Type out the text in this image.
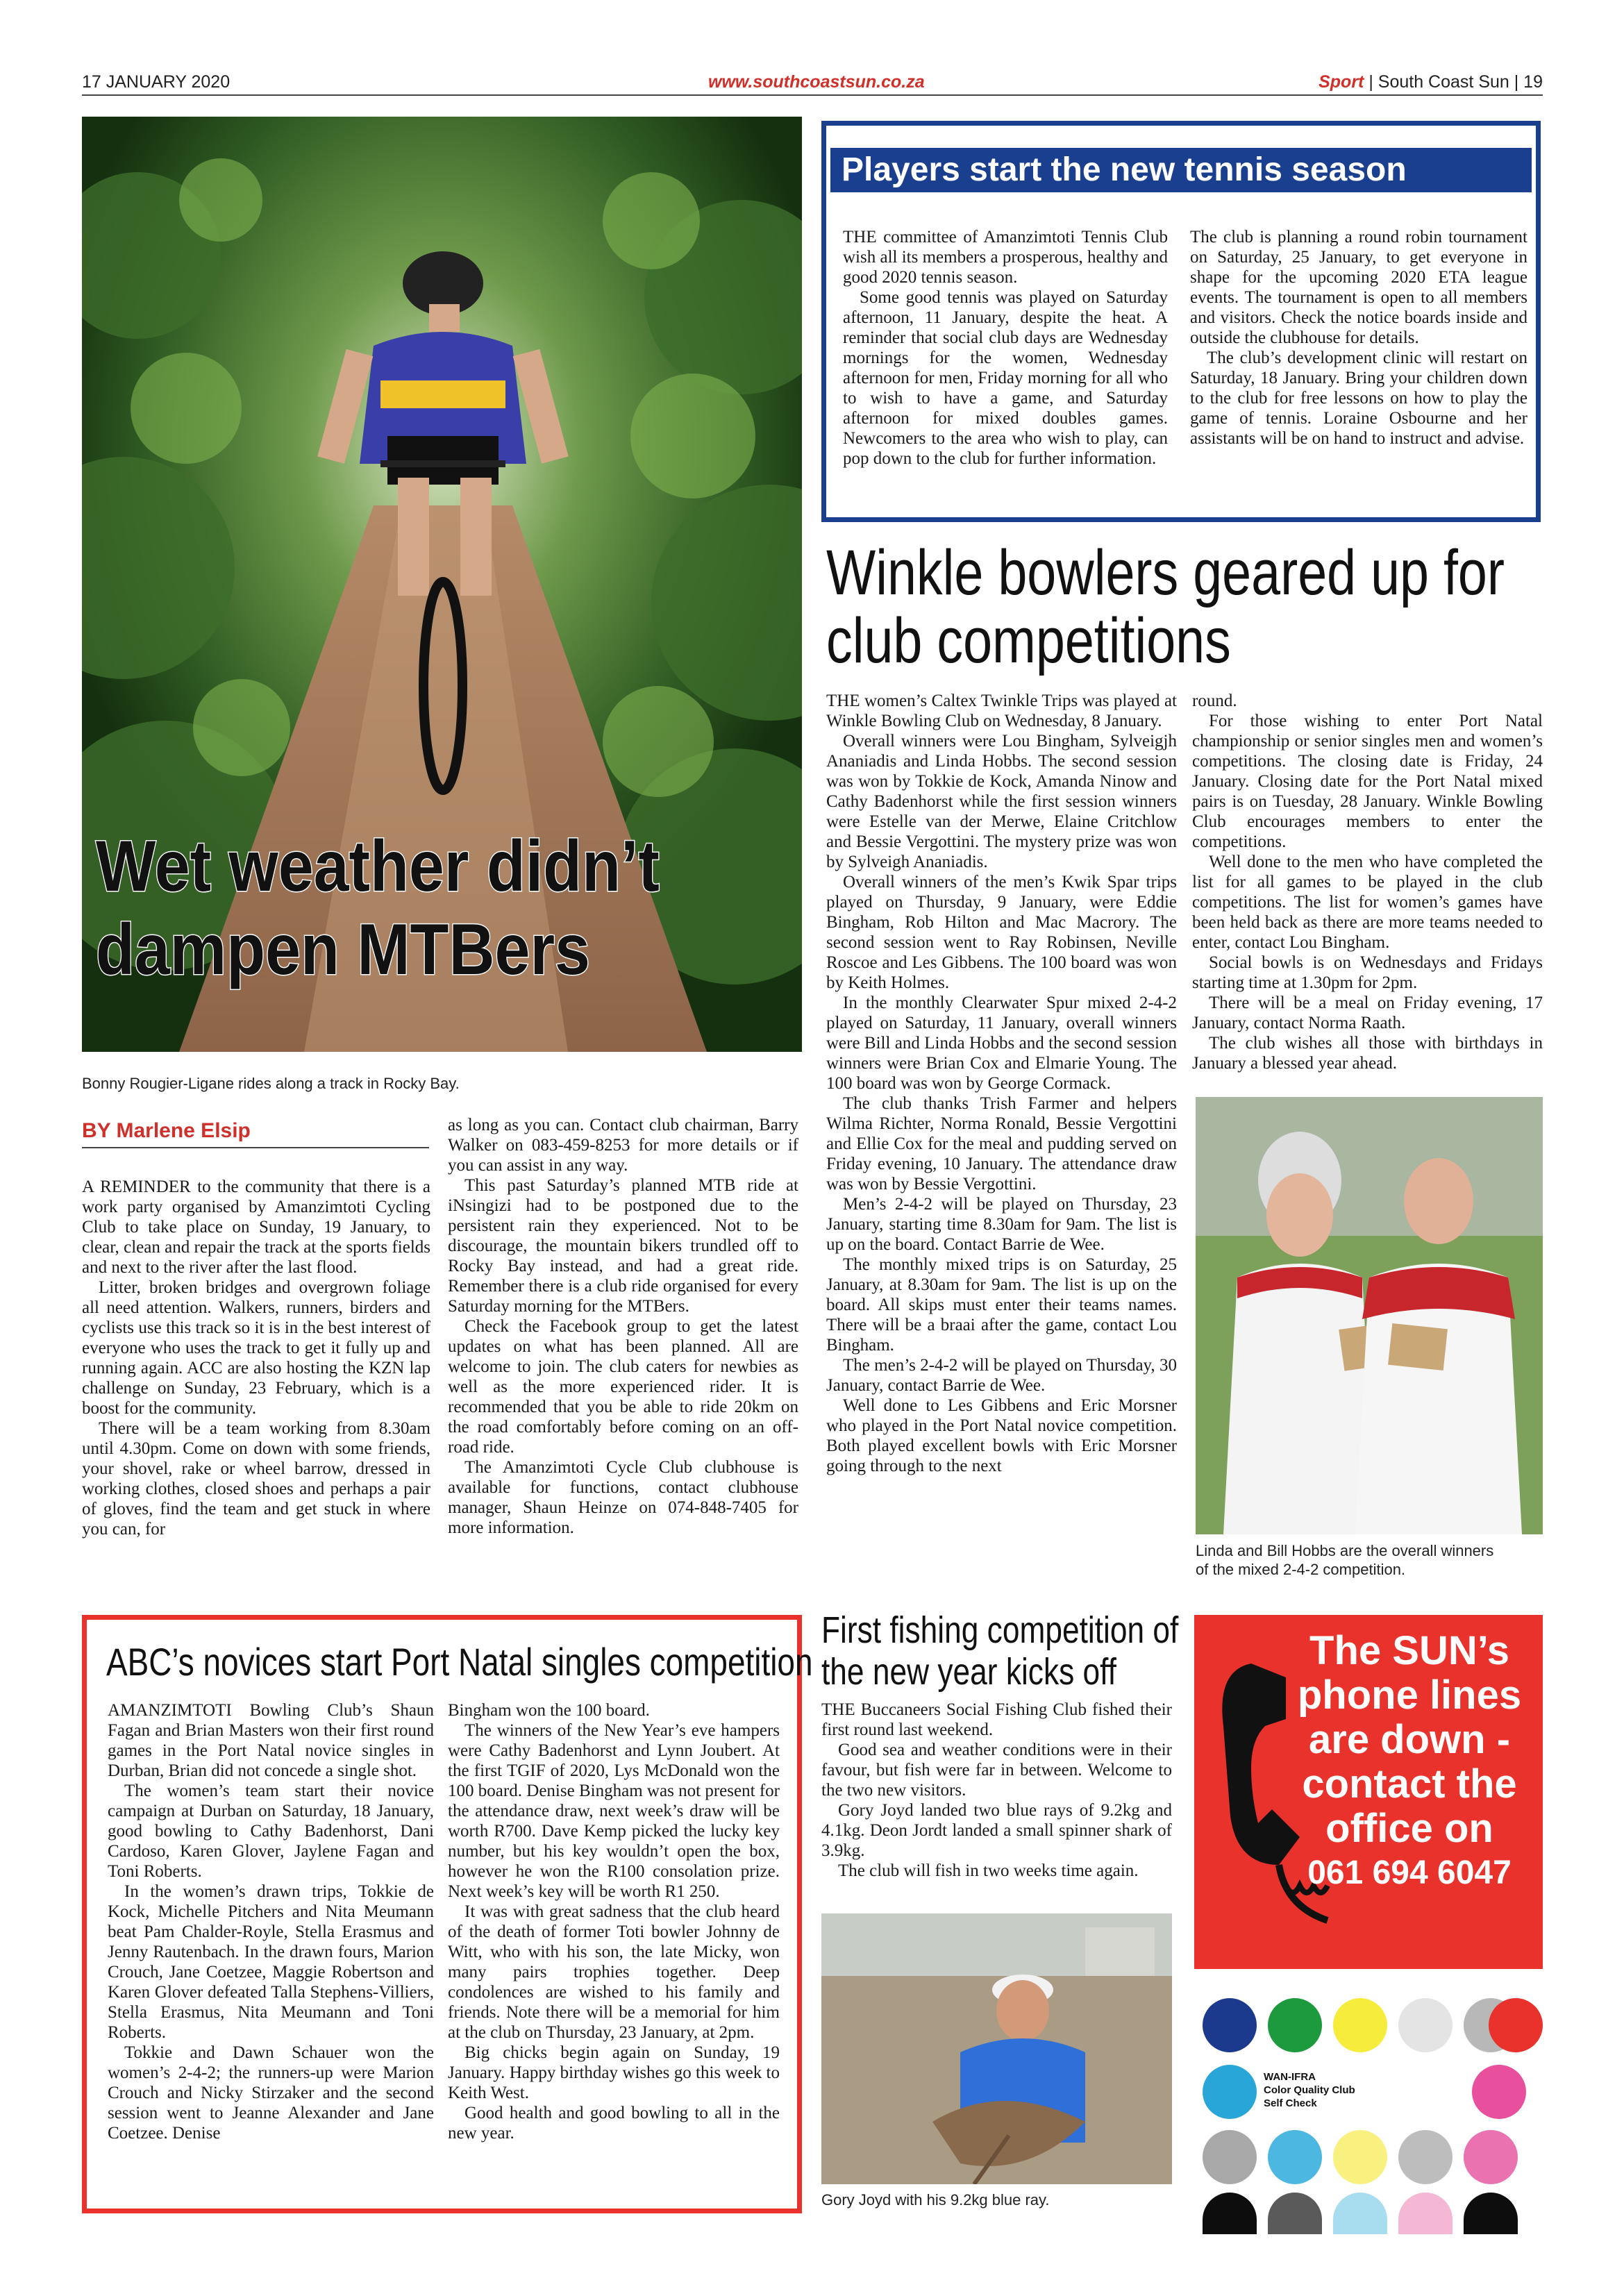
17 JANUARY 2020	www.southcoastsun.co.za	Sport | South Coast Sun | 19
Wet weather didn’t
dampen MTBers
Bonny Rougier-Ligane rides along a track in Rocky Bay.
BY Marlene Elsip

A REMINDER to the community that there is a work party organised by Amanzimtoti Cycling Club to take place on Sunday, 19 January, to clear, clean and repair the track at the sports fields and next to the river after the last flood.

Litter, broken bridges and overgrown foliage all need attention. Walkers, runners, birders and cyclists use this track so it is in the best interest of everyone who uses the track to get it fully up and running again. ACC are also hosting the KZN lap challenge on Sunday, 23 February, which is a boost for the community.

There will be a team working from 8.30am until 4.30pm. Come on down with some friends, your shovel, rake or wheel barrow, dressed in working clothes, closed shoes and perhaps a pair of gloves, find the team and get stuck in where you can, for

as long as you can. Contact club chairman, Barry Walker on 083-459-8253 for more details or if you can assist in any way.

This past Saturday’s planned MTB ride at iNsingizi had to be postponed due to the persistent rain they experienced. Not to be discourage, the mountain bikers trundled off to Rocky Bay instead, and had a great ride. Remember there is a club ride organised for every Saturday morning for the MTBers.

Check the Facebook group to get the latest updates on what has been planned. All are welcome to join. The club caters for newbies as well as the more experienced rider. It is recommended that you be able to ride 20km on the road comfortably before coming on an off-road ride.

The Amanzimtoti Cycle Club clubhouse is available for functions, contact clubhouse manager, Shaun Heinze on 074-848-7405 for more information.

Players start the new tennis season

THE committee of Amanzimtoti Tennis Club wish all its members a prosperous, healthy and good 2020 tennis season.

Some good tennis was played on Saturday afternoon, 11 January, despite the heat. A reminder that social club days are Wednesday mornings for the women, Wednesday afternoon for men, Friday morning for all who to wish to have a game, and Saturday afternoon for mixed doubles games. Newcomers to the area who wish to play, can pop down to the club for further information.

The club is planning a round robin tournament on Saturday, 25 January, to get everyone in shape for the upcoming 2020 ETA league events. The tournament is open to all members and visitors. Check the notice boards inside and outside the clubhouse for details.

The club’s development clinic will restart on Saturday, 18 January. Bring your children down to the club for free lessons on how to play the game of tennis. Loraine Osbourne and her assistants will be on hand to instruct and advise.

Winkle bowlers geared up for
club competitions

THE women’s Caltex Twinkle Trips was played at Winkle Bowling Club on Wednesday, 8 January.

Overall winners were Lou Bingham, Sylveigjh Ananiadis and Linda Hobbs. The second session was won by Tokkie de Kock, Amanda Ninow and Cathy Badenhorst while the first session winners were Estelle van der Merwe, Elaine Critchlow and Bessie Vergottini. The mystery prize was won by Sylveigh Ananiadis.

Overall winners of the men’s Kwik Spar trips played on Thursday, 9 January, were Eddie Bingham, Rob Hilton and Mac Macrory. The second session went to Ray Robinsen, Neville Roscoe and Les Gibbens. The 100 board was won by Keith Holmes.

In the monthly Clearwater Spur mixed 2-4-2 played on Saturday, 11 January, overall winners were Bill and Linda Hobbs and the second session winners were Brian Cox and Elmarie Young. The 100 board was won by George Cormack.

The club thanks Trish Farmer and helpers Wilma Richter, Norma Ronald, Bessie Vergottini and Ellie Cox for the meal and pudding served on Friday evening, 10 January. The attendance draw was won by Bessie Vergottini.

Men’s 2-4-2 will be played on Thursday, 23 January, starting time 8.30am for 9am. The list is up on the board. Contact Barrie de Wee.

The monthly mixed trips is on Saturday, 25 January, at 8.30am for 9am. The list is up on the board. All skips must enter their teams names. There will be a braai after the game, contact Lou Bingham.

The men’s 2-4-2 will be played on Thursday, 30 January, contact Barrie de Wee.

Well done to Les Gibbens and Eric Morsner who played in the Port Natal novice competition. Both played excellent bowls with Eric Morsner going through to the next

round.

For those wishing to enter Port Natal championship or senior singles men and women’s competitions. The closing date is Friday, 24 January. Closing date for the Port Natal mixed pairs is on Tuesday, 28 January. Winkle Bowling Club encourages members to enter the competitions.

Well done to the men who have completed the list for all games to be played in the club competitions. The list for women’s games have been held back as there are more teams needed to enter, contact Lou Bingham.

Social bowls is on Wednesdays and Fridays starting time at 1.30pm for 2pm.

There will be a meal on Friday evening, 17 January, contact Norma Raath.

The club wishes all those with birthdays in January a blessed year ahead.

Linda and Bill Hobbs are the overall winners
of the mixed 2-4-2 competition.
ABC’s novices start Port Natal singles competition

AMANZIMTOTI Bowling Club’s Shaun Fagan and Brian Masters won their first round games in the Port Natal novice singles in Durban, Brian did not concede a single shot.

The women’s team start their novice campaign at Durban on Saturday, 18 January, good bowling to Cathy Badenhorst, Dani Cardoso, Karen Glover, Jaylene Fagan and Toni Roberts.

In the women’s drawn trips, Tokkie de Kock, Michelle Pitchers and Nita Meumann beat Pam Chalder-Royle, Stella Erasmus and Jenny Rautenbach. In the drawn fours, Marion Crouch, Jane Coetzee, Maggie Robertson and Karen Glover defeated Talla Stephens-Villiers, Stella Erasmus, Nita Meumann and Toni Roberts.

Tokkie and Dawn Schauer won the women’s 2-4-2; the runners-up were Marion Crouch and Nicky Stirzaker and the second session went to Jeanne Alexander and Jane Coetzee. Denise

Bingham won the 100 board.

The winners of the New Year’s eve hampers were Cathy Badenhorst and Lynn Joubert. At the first TGIF of 2020, Lys McDonald won the 100 board. Denise Bingham was not present for the attendance draw, next week’s draw will be worth R700. Dave Kemp picked the lucky key number, but his key wouldn’t open the box, however he won the R100 consolation prize. Next week’s key will be worth R1 250.

It was with great sadness that the club heard of the death of former Toti bowler Johnny de Witt, who with his son, the late Micky, won many pairs trophies together. Deep condolences are wished to his family and friends. Note there will be a memorial for him at the club on Thursday, 23 January, at 2pm.

Big chicks begin again on Sunday, 19 January. Happy birthday wishes go this week to Keith West.

Good health and good bowling to all in the new year.

First fishing competition of
the new year kicks off

THE Buccaneers Social Fishing Club fished their first round last weekend.

Good sea and weather conditions were in their favour, but fish were far in between. Welcome to the two new visitors.

Gory Joyd landed two blue rays of 9.2kg and 4.1kg. Deon Jordt landed a small spinner shark of 3.9kg.

The club will fish in two weeks time again.

Gory Joyd with his 9.2kg blue ray.
The SUN’s
phone lines
are down -
contact the
office on
061 694 6047
WAN-IFRA
Color Quality Club
Self Check
